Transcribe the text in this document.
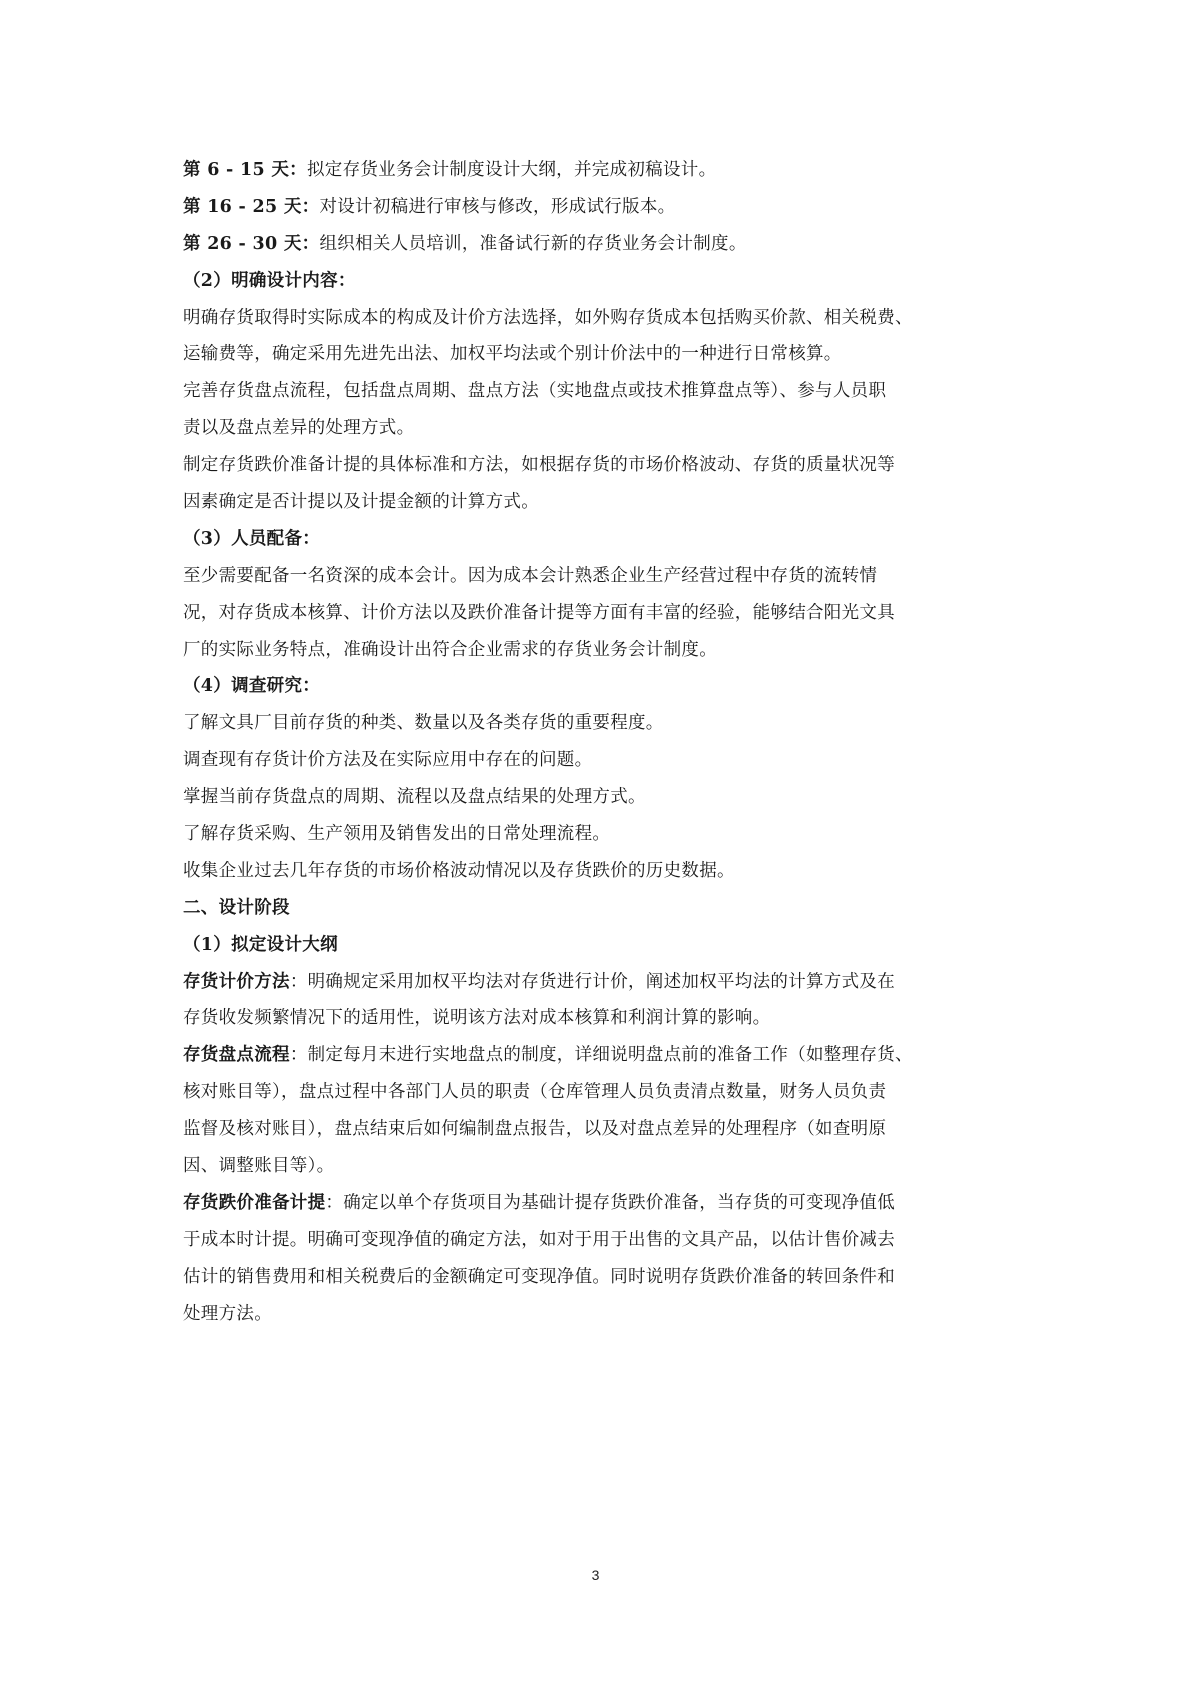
第 6 - 15 天：拟定存货业务会计制度设计大纲，并完成初稿设计。
第 16 - 25 天：对设计初稿进行审核与修改，形成试行版本。
第 26 - 30 天：组织相关人员培训，准备试行新的存货业务会计制度。
（2）明确设计内容：
明确存货取得时实际成本的构成及计价方法选择，如外购存货成本包括购买价款、相关税费、
运输费等，确定采用先进先出法、加权平均法或个别计价法中的一种进行日常核算。
完善存货盘点流程，包括盘点周期、盘点方法（实地盘点或技术推算盘点等）、参与人员职
责以及盘点差异的处理方式。
制定存货跌价准备计提的具体标准和方法，如根据存货的市场价格波动、存货的质量状况等
因素确定是否计提以及计提金额的计算方式。
（3）人员配备：
至少需要配备一名资深的成本会计。因为成本会计熟悉企业生产经营过程中存货的流转情
况，对存货成本核算、计价方法以及跌价准备计提等方面有丰富的经验，能够结合阳光文具
厂的实际业务特点，准确设计出符合企业需求的存货业务会计制度。
（4）调查研究：
了解文具厂目前存货的种类、数量以及各类存货的重要程度。
调查现有存货计价方法及在实际应用中存在的问题。
掌握当前存货盘点的周期、流程以及盘点结果的处理方式。
了解存货采购、生产领用及销售发出的日常处理流程。
收集企业过去几年存货的市场价格波动情况以及存货跌价的历史数据。
二、设计阶段
（1）拟定设计大纲
存货计价方法：明确规定采用加权平均法对存货进行计价，阐述加权平均法的计算方式及在
存货收发频繁情况下的适用性，说明该方法对成本核算和利润计算的影响。
存货盘点流程：制定每月末进行实地盘点的制度，详细说明盘点前的准备工作（如整理存货、
核对账目等），盘点过程中各部门人员的职责（仓库管理人员负责清点数量，财务人员负责
监督及核对账目），盘点结束后如何编制盘点报告，以及对盘点差异的处理程序（如查明原
因、调整账目等）。
存货跌价准备计提：确定以单个存货项目为基础计提存货跌价准备，当存货的可变现净值低
于成本时计提。明确可变现净值的确定方法，如对于用于出售的文具产品，以估计售价减去
估计的销售费用和相关税费后的金额确定可变现净值。同时说明存货跌价准备的转回条件和
处理方法。
3
